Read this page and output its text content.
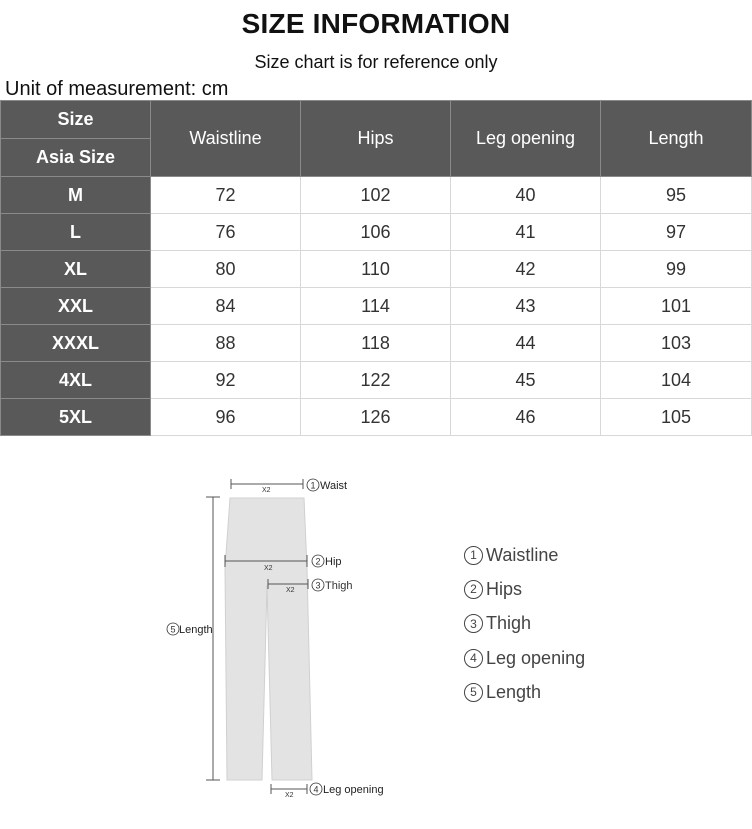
SIZE INFORMATION
Size chart is for reference only
Unit of measurement: cm
Size	Waistline	Hips	Leg opening	Length
Asia Size				
M	72	102	40	95
L	76	106	41	97
XL	80	110	42	99
XXL	84	114	43	101
XXXL	88	118	44	103
4XL	92	122	45	104
5XL	96	126	46	105
X2	1 Waist
X2
2 Hip
X2 3 Thigh
5 Length
X2
4 Leg opening
1 Waistline
2 Hips
3 Thigh
4 Leg opening
5 Length
